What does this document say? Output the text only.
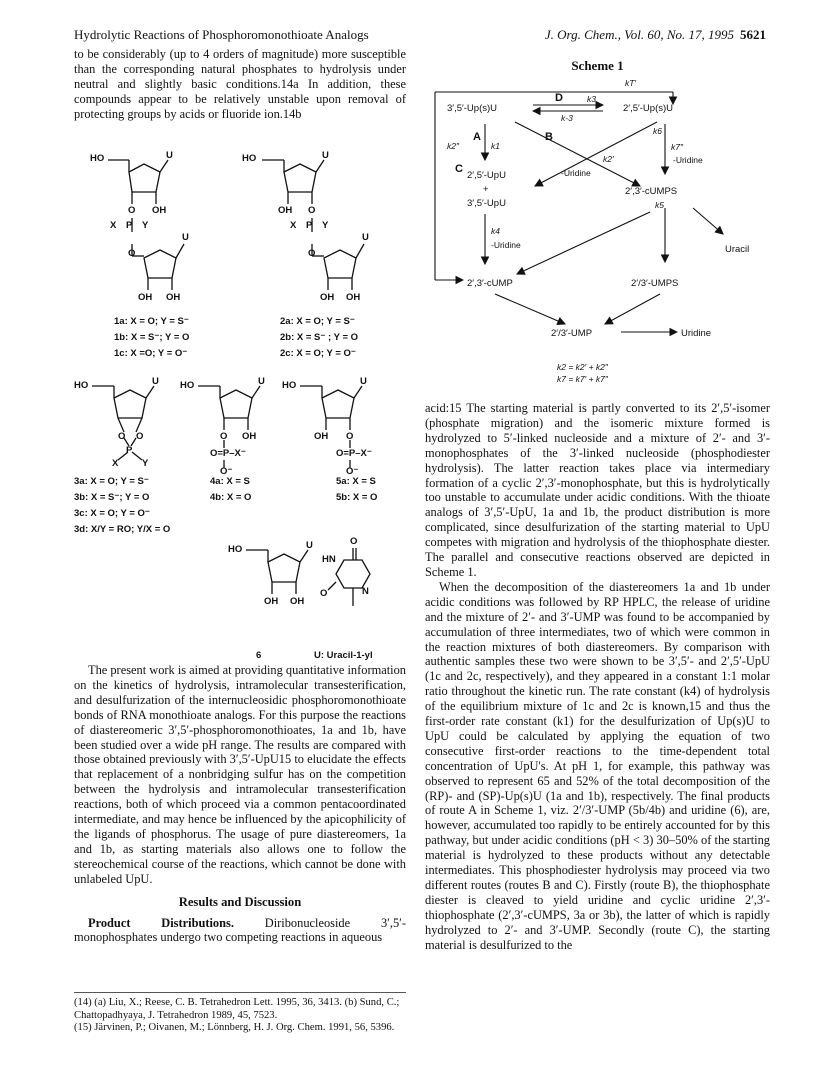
Hydrolytic Reactions of Phosphoromonothioate Analogs	J. Org. Chem., Vol. 60, No. 17, 1995 5621

to be considerably (up to 4 orders of magnitude) more susceptible than the corresponding natural phosphates to hydrolysis under neutral and slightly basic conditions.14a In addition, these compounds appear to be relatively unstable upon removal of protecting groups by acids or fluoride ion.14b

HO	U
O OH
X P Y
O
U
OH OH
HO	U
OH O
X P Y
O
U
OH OH
1a: X = O; Y = S⁻
1b: X = S⁻; Y = O
1c: X =O; Y = O⁻
2a: X = O; Y = S⁻
2b: X = S⁻ ; Y = O
2c: X = O; Y = O⁻
HO	U
O O
P
X Y
HO	U
O OH
O=P–X⁻
O⁻
HO	U
OH O
O=P–X⁻
O⁻
3a: X = O; Y = S⁻
3b: X = S⁻; Y = O
3c: X = O; Y = O⁻
3d: X/Y = RO; Y/X = O
4a: X = S
4b: X = O
5a: X = S
5b: X = O
HO	U
OH OH
O
HN
O	N
6	U: Uracil-1-yl

The present work is aimed at providing quantitative information on the kinetics of hydrolysis, intramolecular transesterification, and desulfurization of the internucleosidic phosphoromonothioate bonds of RNA monothioate analogs. For this purpose the reactions of diastereomeric 3′,5′-phosphoromonothioates, 1a and 1b, have been studied over a wide pH range. The results are compared with those obtained previously with 3′,5′-UpU15 to elucidate the effects that replacement of a nonbridging sulfur has on the competition between the hydrolysis and intramolecular transesterification reactions, both of which proceed via a common pentacoordinated intermediate, and may hence be influenced by the apicophilicity of the ligands of phosphorus. The usage of pure diastereomers, 1a and 1b, as starting materials also allows one to follow the stereochemical course of the reactions, which cannot be done with unlabeled UpU.

Results and Discussion

Product Distributions. Diribonucleoside 3′,5′-monophosphates undergo two competing reactions in aqueous

(14) (a) Liu, X.; Reese, C. B. Tetrahedron Lett. 1995, 36, 3413. (b) Sund, C.; Chattopadhyaya, J. Tetrahedron 1989, 45, 7523.
(15) Järvinen, P.; Oivanen, M.; Lönnberg, H. J. Org. Chem. 1991, 56, 5396.
Scheme 1
3′,5′-Up(s)U	2′,5′-Up(s)U
2′,5′-UpU
+
3′,5′-UpU
2′,3′-cUMPS
2′,3′-cUMP	2′/3′-UMPS
2′/3′-UMP	Uridine
Uracil
D
A	B
C
kT′
k3
k-3
k2″	k1
k2′
k6
k7″
k5
k4
-Uridine
-Uridine
-Uridine
k2 = k2′ + k2″
k7 = k7′ + k7″

acid:15 The starting material is partly converted to its 2′,5′-isomer (phosphate migration) and the isomeric mixture formed is hydrolyzed to 5′-linked nucleoside and a mixture of 2′- and 3′-monophosphates of the 3′-linked nucleoside (phosphodiester hydrolysis). The latter reaction takes place via intermediary formation of a cyclic 2′,3′-monophosphate, but this is hydrolytically too unstable to accumulate under acidic conditions. With the thioate analogs of 3′,5′-UpU, 1a and 1b, the product distribution is more complicated, since desulfurization of the starting material to UpU competes with migration and hydrolysis of the thiophosphate diester. The parallel and consecutive reactions observed are depicted in Scheme 1.

When the decomposition of the diastereomers 1a and 1b under acidic conditions was followed by RP HPLC, the release of uridine and the mixture of 2′- and 3′-UMP was found to be accompanied by accumulation of three intermediates, two of which were common in the reaction mixtures of both diastereomers. By comparison with authentic samples these two were shown to be 3′,5′- and 2′,5′-UpU (1c and 2c, respectively), and they appeared in a constant 1:1 molar ratio throughout the kinetic run. The rate constant (k4) of hydrolysis of the equilibrium mixture of 1c and 2c is known,15 and thus the first-order rate constant (k1) for the desulfurization of Up(s)U to UpU could be calculated by applying the equation of two consecutive first-order reactions to the time-dependent total concentration of UpU's. At pH 1, for example, this pathway was observed to represent 65 and 52% of the total decomposition of the (RP)- and (SP)-Up(s)U (1a and 1b), respectively. The final products of route A in Scheme 1, viz. 2′/3′-UMP (5b/4b) and uridine (6), are, however, accumulated too rapidly to be entirely accounted for by this pathway, but under acidic conditions (pH < 3) 30–50% of the starting material is hydrolyzed to these products without any detectable intermediates. This phosphodiester hydrolysis may proceed via two different routes (routes B and C). Firstly (route B), the thiophosphate diester is cleaved to yield uridine and cyclic uridine 2′,3′-thiophosphate (2′,3′-cUMPS, 3a or 3b), the latter of which is rapidly hydrolyzed to 2′- and 3′-UMP. Secondly (route C), the starting material is desulfurized to the
